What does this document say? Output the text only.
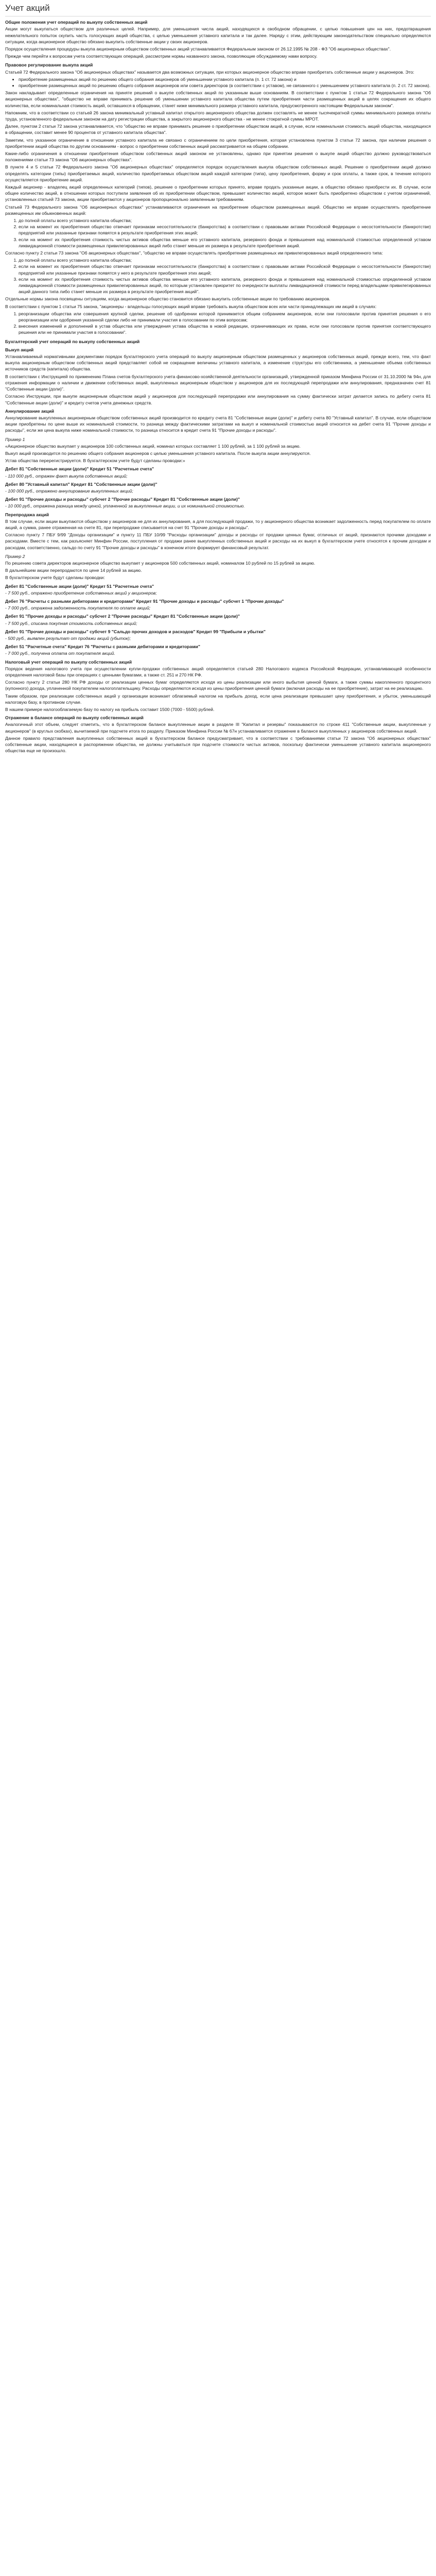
Учет акций
Общие положения учет операций по выкупу собственных акций

Акции могут выкупаться обществом для различных целей. Например, для уменьшения числа акций, находящихся в свободном обращении, с целью повышения цен на них, предотвращения нежелательного попыток скупить часть голосующих акций общества, с целью уменьшения уставного капитала и так далее. Наряду с этим, действующим законодательством специально определяются ситуации, когда акционерное общество обязано выкупить собственные акции у своих акционеров.

Порядок осуществления процедуры выкупа акционерным обществом собственных акций устанавливается Федеральным законом от 26.12.1995 № 208 - ФЗ "Об акционерных обществах".

Прежде чем перейти к вопросам учета соответствующих операций, рассмотрим нормы названного закона, позволяющие обсуждаемому нами вопросу.

Правовое регулирование выкупа акций

Статьей 72 Федерального закона "Об акционерных обществах" называется два возможных ситуации, при которых акционерное общество вправе приобретать собственные акции у акционеров. Это:

• приобретение размещенных акций по решению общего собрания акционеров об уменьшении уставного капитала (п. 1 ст. 72 закона) и
• приобретение размещенных акций по решению общего собрания акционеров или совета директоров (в соответствии с уставом), не связанного с уменьшением уставного капитала (п. 2 ст. 72 закона).

Закон накладывает определенные ограничения на приняте решений о выкупе собственных акций по указанным выше основаниям. В соответствии с пунктом 1 статьи 72 Федерального закона "Об акционерных обществах", "общество не вправе принимать решение об уменьшении уставного капитала общества путем приобретения части размещенных акций в целях сокращения их общего количества, если номинальная стоимость акций, оставшихся в обращении, станет ниже минимального размера уставного капитала, предусмотренного настоящим Федеральным законом".

Напомним, что в соответствии со статьей 26 закона минимальный уставный капитал открытого акционерного общества должен составлять не менее тысячекратной суммы минимального размера оплаты труда, установленного федеральным законом на дату регистрации общества, а закрытого акционерного общества - не менее стократной суммы МРОТ.

Далее, пунктом 2 статьи 72 закона устанавливается, что "общество не вправе принимать решение о приобретении обществом акций, в случае, если номинальная стоимость акций общества, находящихся в обращении, составит менее 90 процентов от уставного капитала общества".

Заметим, что указанное ограничение в отношении уставного капитала не связано с ограничением по цели приобретения, которая установлена пунктом 3 статьи 72 закона, при наличии решения о приобретении акций общества по другим основаниям - вопрос о приобретении собственных акций рассматривается на общем собрании.

Какие-либо ограничения в отношении приобретения обществом собственных акций законом не установлены, однако при принятии решения о выкупе акций общество должно руководствоваться положениями статьи 73 закона "Об акционерных обществах".

В пункте 4 и 5 статьи 72 Федерального закона "Об акционерных обществах" определяется порядок осуществления выкупа обществом собственных акций. Решение о приобретении акций должно определять категории (типы) приобретаемых акций, количество приобретаемых обществом акций каждой категории (типа), цену приобретения, форму и срок оплаты, а также срок, в течение которого осуществляется приобретение акций.

Каждый акционер - владелец акций определенных категорий (типов), решение о приобретении которых принято, вправе продать указанные акции, а общество обязано приобрести их. В случае, если общее количество акций, в отношении которых поступили заявления об их приобретении обществом, превышает количество акций, которое может быть приобретено обществом с учетом ограничений, установленных статьей 73 закона, акции приобретаются у акционеров пропорционально заявленным требованиям.

Статьей 73 Федерального закона "Об акционерных обществах" устанавливаются ограничения на приобретение обществом размещенных акций. Общество не вправе осуществлять приобретение размещенных им обыкновенных акций:

1. до полной оплаты всего уставного капитала общества;
2. если на момент их приобретения общество отвечает признакам несостоятельности (банкротства) в соответствии с правовыми актами Российской Федерации о несостоятельности (банкротстве) предприятий или указанные признаки появятся в результате приобретения этих акций;
3. если на момент их приобретения стоимость чистых активов общества меньше его уставного капитала, резервного фонда и превышения над номинальной стоимостью определенной уставом ликвидационной стоимости размещенных привилегированных акций либо станет меньше их размера в результате приобретения акций.

Согласно пункту 2 статьи 73 закона "Об акционерных обществах", "общество не вправе осуществлять приобретение размещенных им привилегированных акций определенного типа:

1. до полной оплаты всего уставного капитала общества;
2. если на момент их приобретения общество отвечает признакам несостоятельности (банкротства) в соответствии с правовыми актами Российской Федерации о несостоятельности (банкротстве) предприятий или указанные признаки появятся у него в результате приобретения этих акций;
3. если на момент их приобретения стоимость чистых активов общества меньше его уставного капитала, резервного фонда и превышения над номинальной стоимостью определенной уставом ликвидационной стоимости размещенных привилегированных акций, по которым установлен приоритет по очередности выплаты ликвидационной стоимости перед владельцами привилегированных акций данного типа либо станет меньше их размера в результате приобретения акций".

Отдельные нормы закона посвящены ситуациям, когда акционерное общество становится обязано выкупить собственные акции по требованию акционеров.

В соответствии с пунктом 1 статьи 75 закона, "акционеры - владельцы голосующих акций вправе требовать выкупа обществом всех или части принадлежащих им акций в случаях:

1. реорганизации общества или совершения крупной сделки, решение об одобрении которой принимается общим собранием акционеров, если они голосовали против принятия решения о его реорганизации или одобрения указанной сделки либо не принимали участия в голосовании по этим вопросам;
2. внесения изменений и дополнений в устав общества или утверждения устава общества в новой редакции, ограничивающих их права, если они голосовали против принятия соответствующего решения или не принимали участия в голосовании".
Бухгалтерский учет операций по выкупу собственных акций
Выкуп акций

Устанавливаемый нормативными документами порядок бухгалтерского учета операций по выкупу акционерным обществом размещенных у акционеров собственных акций, прежде всего, тем, что факт выкупа акционерным обществом собственных акций представляет собой не сокращение величины уставного капитала, а изменение структуры его собственника, а уменьшение объема собственных источников средств (капитала) общества.

В соответствии с Инструкцией по применению Плана счетов бухгалтерского учета финансово-хозяйственной деятельности организаций, утвержденной приказом Минфина России от 31.10.2000 № 94н, для отражения информации о наличии и движении собственных акций, выкупленных акционерным обществом у акционеров для их последующей перепродажи или аннулирования, предназначен счет 81 "Собственные акции (доли)".

Согласно Инструкции, при выкупе акционерным обществом акций у акционеров для последующей перепродажи или аннулирования на сумму фактически затрат делается запись по дебету счета 81 "Собственные акции (доли)" и кредиту счетов учета денежных средств.

Аннулирование акций

Аннулирование выкупленных акционерным обществом собственных акций производится по кредиту счета 81 "Собственные акции (доли)" и дебету счета 80 "Уставный капитал". В случае, если обществом акции приобретены по цене выше их номинальной стоимости, то разница между фактическими затратами на выкуп и номинальной стоимостью акций относится на дебет счета 91 "Прочие доходы и расходы", если же цена выкупа ниже номинальной стоимости, то разница относится в кредит счета 91 "Прочие доходы и расходы".

Пример 1

«Акционерное общество выкупает у акционеров 100 собственных акций, номинал которых составляет 1 100 рублей, за 1 100 рублей за акцию.

Выкуп акций производится по решению общего собрания акционеров с целью уменьшения уставного капитала. После выкупа акции аннулируются.

Устав общества перерегистрируется. В бухгалтерском учете будут сделаны проводки:»

Дебет 81 "Собственные акции (доли)" Кредит 51 "Расчетные счета"
- 110 000 руб., отражен факт выкупа собственных акций;
Дебет 80 "Уставный капитал" Кредит 81 "Собственные акции (доли)"
- 100 000 руб., отражено аннулирование выкупленных акций;
Дебет 91 "Прочие доходы и расходы" субсчет 2 "Прочие расходы" Кредит 81 "Собственные акции (доли)"
- 10 000 руб., отражена разница между ценой, уплаченной за выкупленные акции, и их номинальной стоимостью.
Перепродажа акций

В том случае, если акции выкупаются обществом у акционеров не для их аннулирования, а для последующей продажи, то у акционерного общества возникает задолженность перед покупателем по оплате акций, а сумма, ранее отраженная на счете 81, при перепродаже списывается на счет 91 "Прочие доходы и расходы".

Согласно пункту 7 ПБУ 9/99 "Доходы организации" и пункту 11 ПБУ 10/99 "Расходы организации" доходы и расходы от продажи ценных бумаг, отличных от акций, признаются прочими доходами и расходами. Вместе с тем, как разъясняет Минфин России, поступления от продажи ранее выкупленных собственных акций и расходы на их выкуп в бухгалтерском учете относятся к прочим доходам и расходам, соответственно, сальдо по счету 91 "Прочие доходы и расходы" в конечном итоге формирует финансовый результат.

Пример 2

По решению совета директоров акционерное общество выкупает у акционеров 500 собственных акций, номиналом 10 рублей по 15 рублей за акцию.

В дальнейшем акции перепродаются по цене 14 рублей за акцию.

В бухгалтерском учете будут сделаны проводки:

Дебет 81 "Собственные акции (доли)" Кредит 51 "Расчетные счета"
- 7 500 руб., отражено приобретение собственных акций у акционеров;
Дебет 76 "Расчеты с разными дебиторами и кредиторами" Кредит 91 "Прочие доходы и расходы" субсчет 1 "Прочие доходы"
- 7 000 руб., отражена задолженность покупателя по оплате акций;
Дебет 91 "Прочие доходы и расходы" субсчет 2 "Прочие расходы" Кредит 81 "Собственные акции (доли)"
- 7 500 руб., списана покупная стоимость собственных акций;
Дебет 91 "Прочие доходы и расходы" субсчет 9 "Сальдо прочих доходов и расходов" Кредит 99 "Прибыли и убытки"
- 500 руб., выявлен результат от продажи акций (убыток);
Дебет 51 "Расчетные счета" Кредит 76 "Расчеты с разными дебиторами и кредиторами"
- 7 000 руб., получена оплата от покупателя акций.
Налоговый учет операций по выкупу собственных акций

Порядок ведения налогового учета при осуществлении купли-продажи собственных акций определяется статьей 280 Налогового кодекса Российской Федерации, устанавливающей особенности определения налоговой базы при операциях с ценными бумагами, а также ст. 251 и 270 НК РФ.

Согласно пункту 2 статьи 280 НК РФ доходы от реализации ценных бумаг определяются исходя из цены реализации или иного выбытия ценной бумаги, а также суммы накопленного процентного (купонного) дохода, уплаченной покупателем налогоплательщику. Расходы определяются исходя из цены приобретения ценной бумаги (включая расходы на ее приобретение), затрат на ее реализацию.

Таким образом, при реализации собственных акций у организации возникает облагаемый налогом на прибыль доход, если цена реализации превышает цену приобретения, и убыток, уменьшающий налоговую базу, в противном случае.

В нашем примере налогооблагаемую базу по налогу на прибыль составит 1500 (7000 - 5500) рублей.

Отражение в балансе операций по выкупу собственных акций

Аналогичный этот объем, следует отметить, что в бухгалтерском балансе выкупленные акции в разделе III "Капитал и резервы" показываются по строке 411 "Собственные акции, выкупленные у акционеров" (в круглых скобках), вычитаемой при подсчете итога по разделу. Приказом Минфина России № 67н устанавливается отражение в балансе выкупленных у акционеров собственных акций.

Данное правило представления выкупленных собственных акций в бухгалтерском балансе предусматривает, что в соответствии с требованиями статьи 72 закона "Об акционерных обществах" собственные акции, находящиеся в распоряжении общества, не должны учитываться при подсчете стоимости чистых активов, поскольку фактически уменьшение уставного капитала акционерного общества еще не произошло.
